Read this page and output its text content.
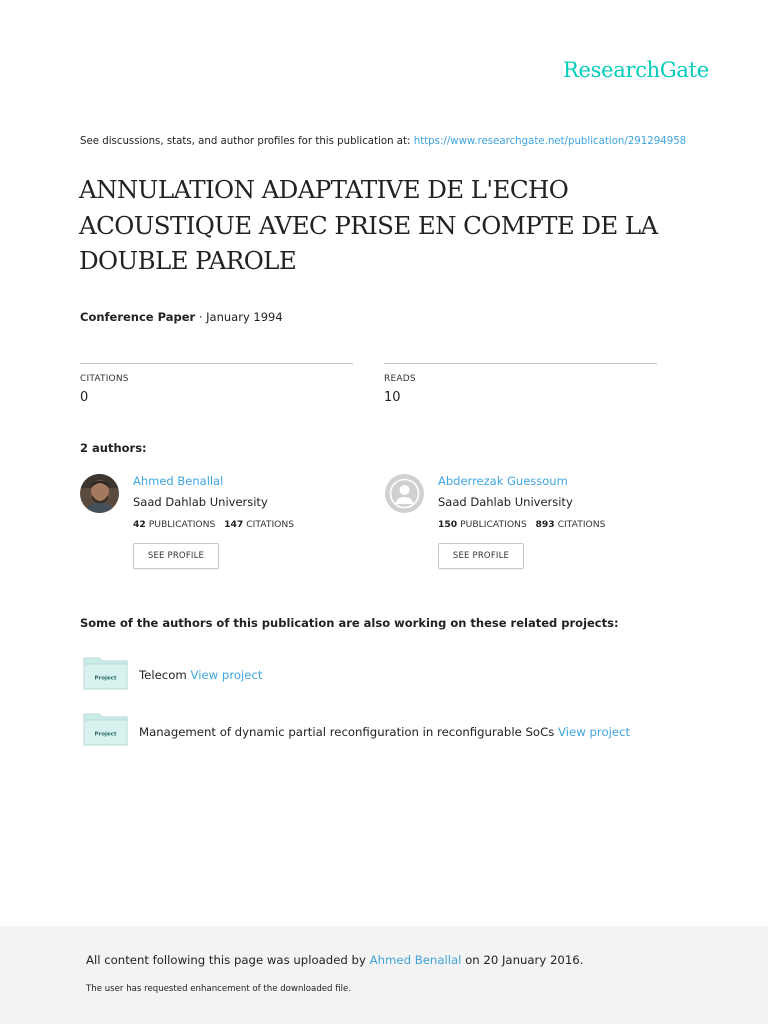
ResearchGate
See discussions, stats, and author profiles for this publication at: https://www.researchgate.net/publication/291294958
ANNULATION ADAPTATIVE DE L'ECHO ACOUSTIQUE AVEC PRISE EN COMPTE DE LA DOUBLE PAROLE
Conference Paper · January 1994
CITATIONS
0
READS
10
2 authors:
Ahmed Benallal
Saad Dahlab University
42 PUBLICATIONS 147 CITATIONS
SEE PROFILE
Abderrezak Guessoum
Saad Dahlab University
150 PUBLICATIONS 893 CITATIONS
SEE PROFILE
Some of the authors of this publication are also working on these related projects:
Project Telecom View project
Project Management of dynamic partial reconfiguration in reconfigurable SoCs View project
All content following this page was uploaded by Ahmed Benallal on 20 January 2016.
The user has requested enhancement of the downloaded file.
